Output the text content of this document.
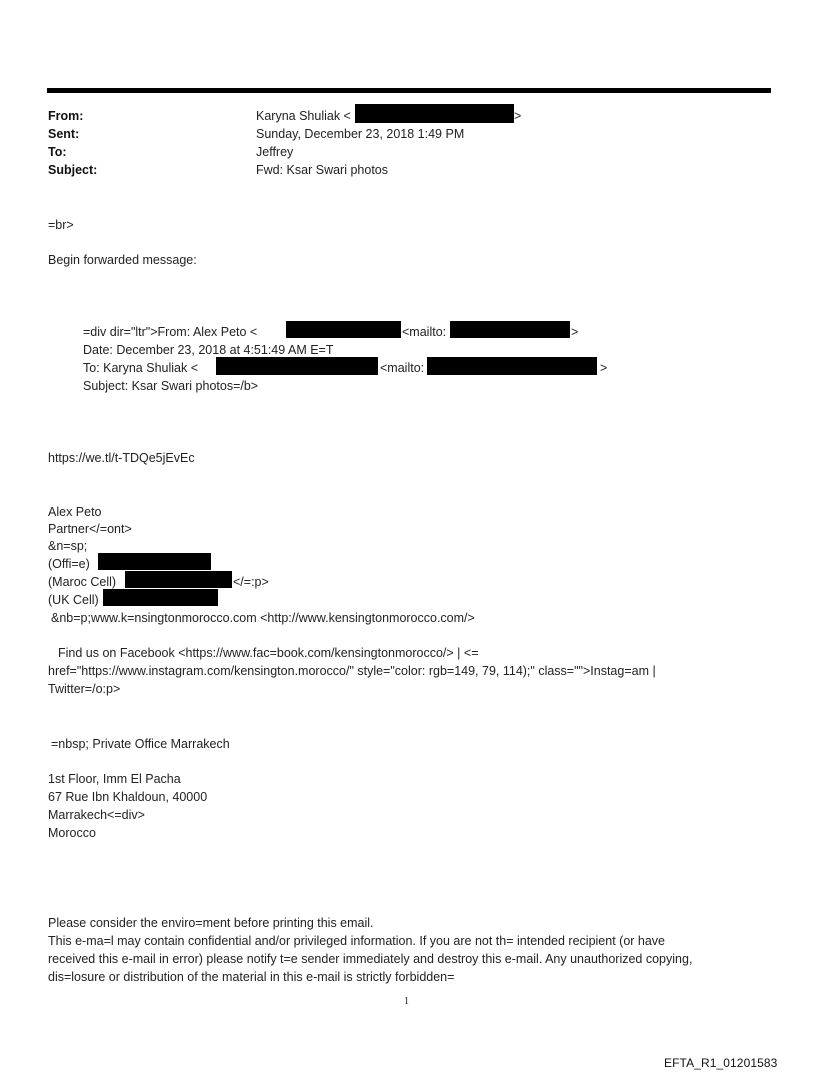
From:	Karyna Shuliak <	>
Sent:	Sunday, December 23, 2018 1:49 PM
To:	Jeffrey
Subject:	Fwd: Ksar Swari photos
=br>
Begin forwarded message:
=div dir="ltr">From: Alex Peto <	<mailto:	>
Date: December 23, 2018 at 4:51:49 AM E=T
To: Karyna Shuliak <	<mailto:	>
Subject: Ksar Swari photos=/b>
https://we.tl/t-TDQe5jEvEc
Alex Peto
Partner</=ont>
&n=sp;
(Offi=e)
(Maroc Cell)	</=:p>
(UK Cell)
&nb=p;www.k=nsingtonmorocco.com <http://www.kensingtonmorocco.com/>
Find us on Facebook <https://www.fac=book.com/kensingtonmorocco/> | <=
href="https://www.instagram.com/kensington.morocco/" style="color: rgb=149, 79, 114);" class="">Instag=am |
Twitter=/o:p>
=nbsp; Private Office Marrakech
1st Floor, Imm El Pacha
67 Rue Ibn Khaldoun, 40000
Marrakech<=div>
Morocco
Please consider the enviro=ment before printing this email.
This e-ma=l may contain confidential and/or privileged information. If you are not th= intended recipient (or have
received this e-mail in error) please notify t=e sender immediately and destroy this e-mail. Any unauthorized copying,
dis=losure or distribution of the material in this e-mail is strictly forbidden=
1
EFTA_R1_01201583
